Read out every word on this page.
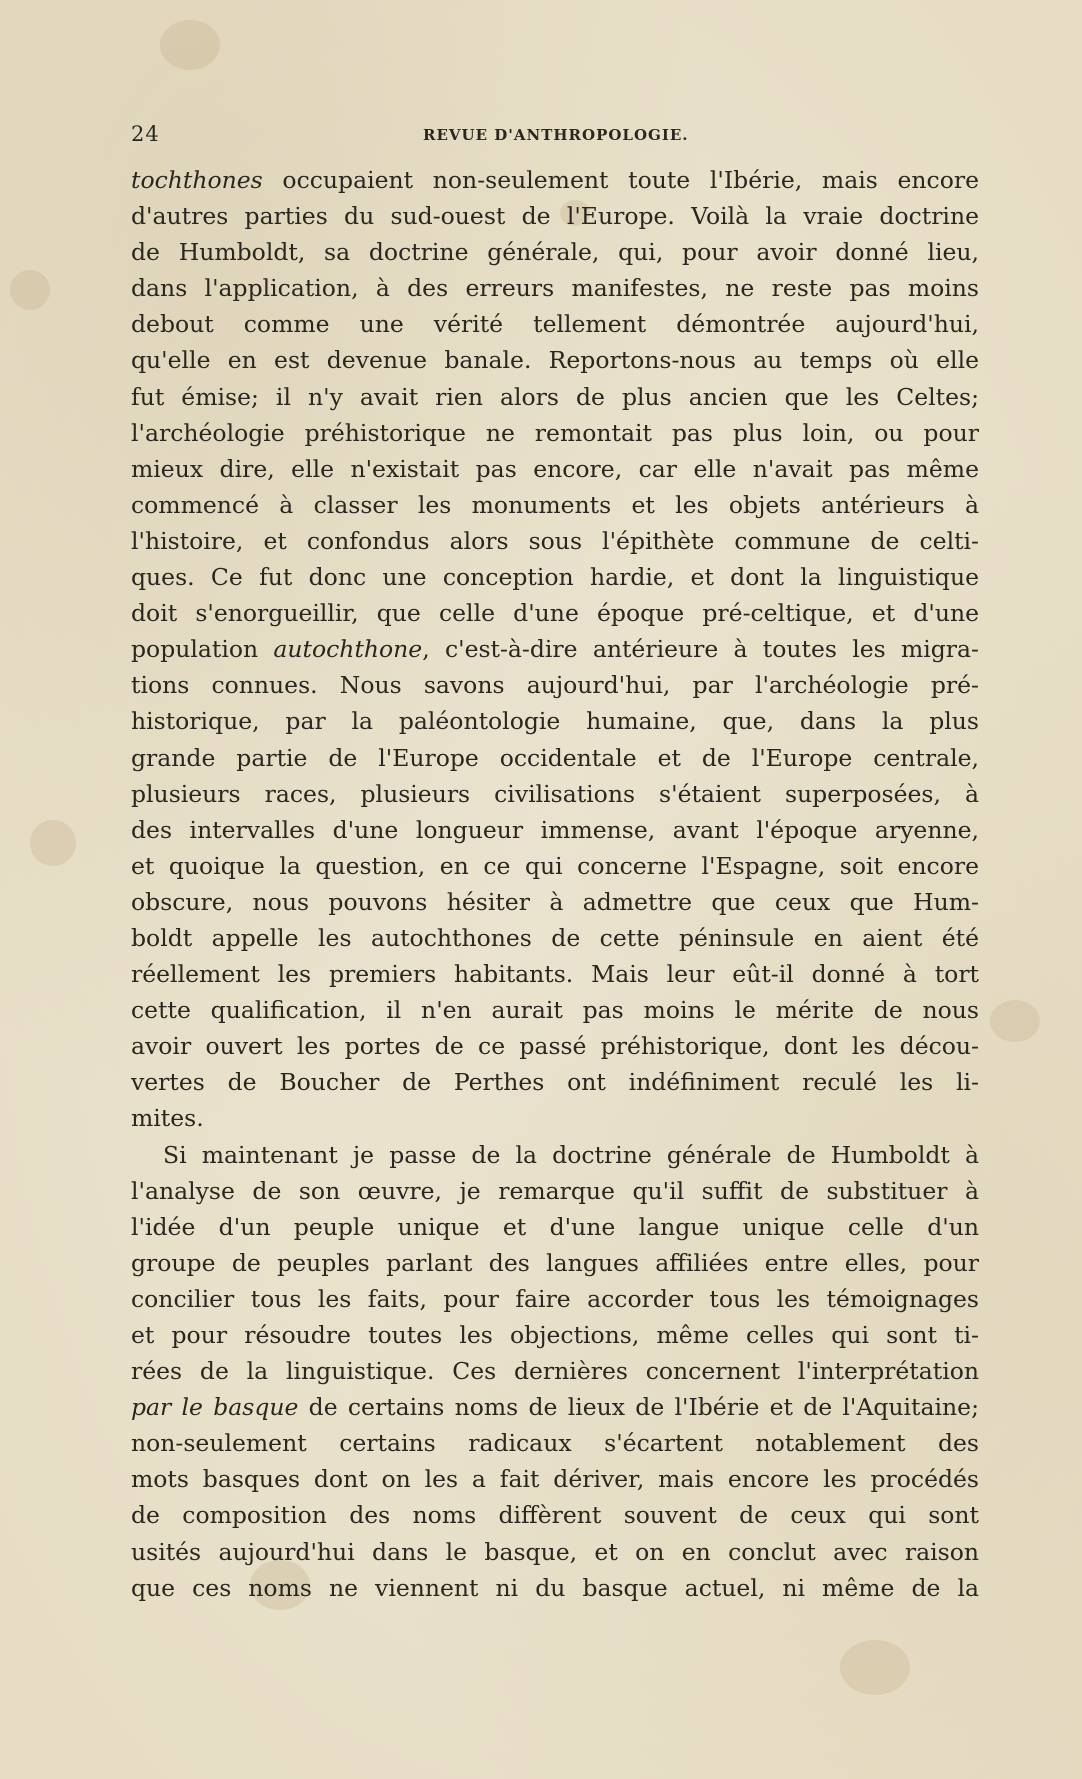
24	REVUE D'ANTHROPOLOGIE.
tochthones occupaient non-seulement toute l'Ibérie, mais encore
d'autres parties du sud-ouest de l'Europe. Voilà la vraie doctrine
de Humboldt, sa doctrine générale, qui, pour avoir donné lieu,
dans l'application, à des erreurs manifestes, ne reste pas moins
debout comme une vérité tellement démontrée aujourd'hui,
qu'elle en est devenue banale. Reportons-nous au temps où elle
fut émise; il n'y avait rien alors de plus ancien que les Celtes;
l'archéologie préhistorique ne remontait pas plus loin, ou pour
mieux dire, elle n'existait pas encore, car elle n'avait pas même
commencé à classer les monuments et les objets antérieurs à
l'histoire, et confondus alors sous l'épithète commune de celti-
ques. Ce fut donc une conception hardie, et dont la linguistique
doit s'enorgueillir, que celle d'une époque pré-celtique, et d'une
population autochthone, c'est-à-dire antérieure à toutes les migra-
tions connues. Nous savons aujourd'hui, par l'archéologie pré-
historique, par la paléontologie humaine, que, dans la plus
grande partie de l'Europe occidentale et de l'Europe centrale,
plusieurs races, plusieurs civilisations s'étaient superposées, à
des intervalles d'une longueur immense, avant l'époque aryenne,
et quoique la question, en ce qui concerne l'Espagne, soit encore
obscure, nous pouvons hésiter à admettre que ceux que Hum-
boldt appelle les autochthones de cette péninsule en aient été
réellement les premiers habitants. Mais leur eût-il donné à tort
cette qualification, il n'en aurait pas moins le mérite de nous
avoir ouvert les portes de ce passé préhistorique, dont les décou-
vertes de Boucher de Perthes ont indéfiniment reculé les li-
mites.
Si maintenant je passe de la doctrine générale de Humboldt à
l'analyse de son œuvre, je remarque qu'il suffit de substituer à
l'idée d'un peuple unique et d'une langue unique celle d'un
groupe de peuples parlant des langues affiliées entre elles, pour
concilier tous les faits, pour faire accorder tous les témoignages
et pour résoudre toutes les objections, même celles qui sont ti-
rées de la linguistique. Ces dernières concernent l'interprétation
par le basque de certains noms de lieux de l'Ibérie et de l'Aquitaine;
non-seulement certains radicaux s'écartent notablement des
mots basques dont on les a fait dériver, mais encore les procédés
de composition des noms diffèrent souvent de ceux qui sont
usités aujourd'hui dans le basque, et on en conclut avec raison
que ces noms ne viennent ni du basque actuel, ni même de la
